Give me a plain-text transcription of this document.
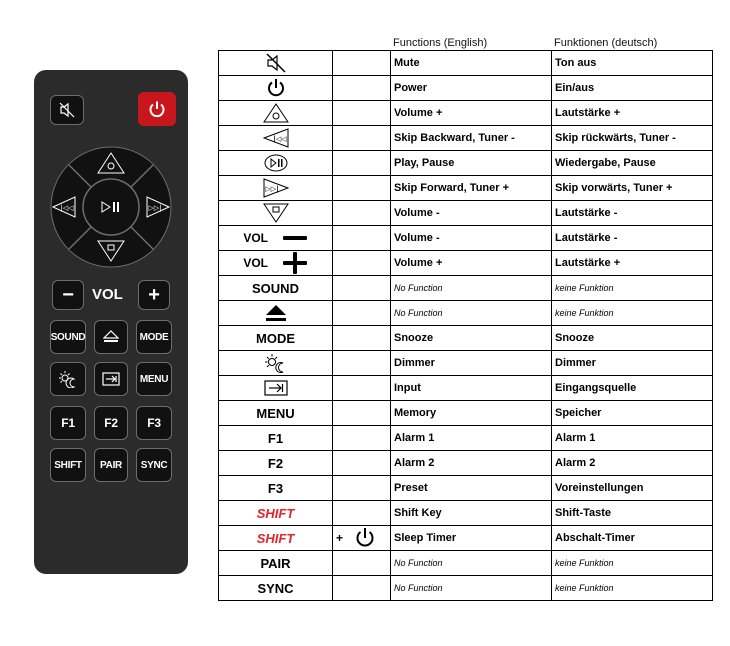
|◁◁	▷▷|
− VOL +
SOUND	MODE
MENU
F1 F2 F3
SHIFT PAIR SYNC
Functions (English)	Funktionen (deutsch)
		Mute	Ton aus

		Power	Ein/aus

		Volume +	Lautstärke +

|◁◁		Skip Backward, Tuner -	Skip rückwärts, Tuner -

		Play, Pause	Wiedergabe, Pause

▷▷|		Skip Forward, Tuner +	Skip vorwärts, Tuner +

		Volume -	Lautstärke -
VOL		Volume -	Lautstärke -
VOL		Volume +	Lautstärke +
SOUND		No Function	keine Funktion

		No Function	keine Funktion
MODE		Snooze	Snooze

		Dimmer	Dimmer

		Input	Eingangsquelle
MENU		Memory	Speicher
F1		Alarm 1	Alarm 1
F2		Alarm 2	Alarm 2
F3		Preset	Voreinstellungen
SHIFT		Shift Key	Shift-Taste
SHIFT	+	Sleep Timer	Abschalt-Timer
PAIR		No Function	keine Funktion
SYNC		No Function	keine Funktion
